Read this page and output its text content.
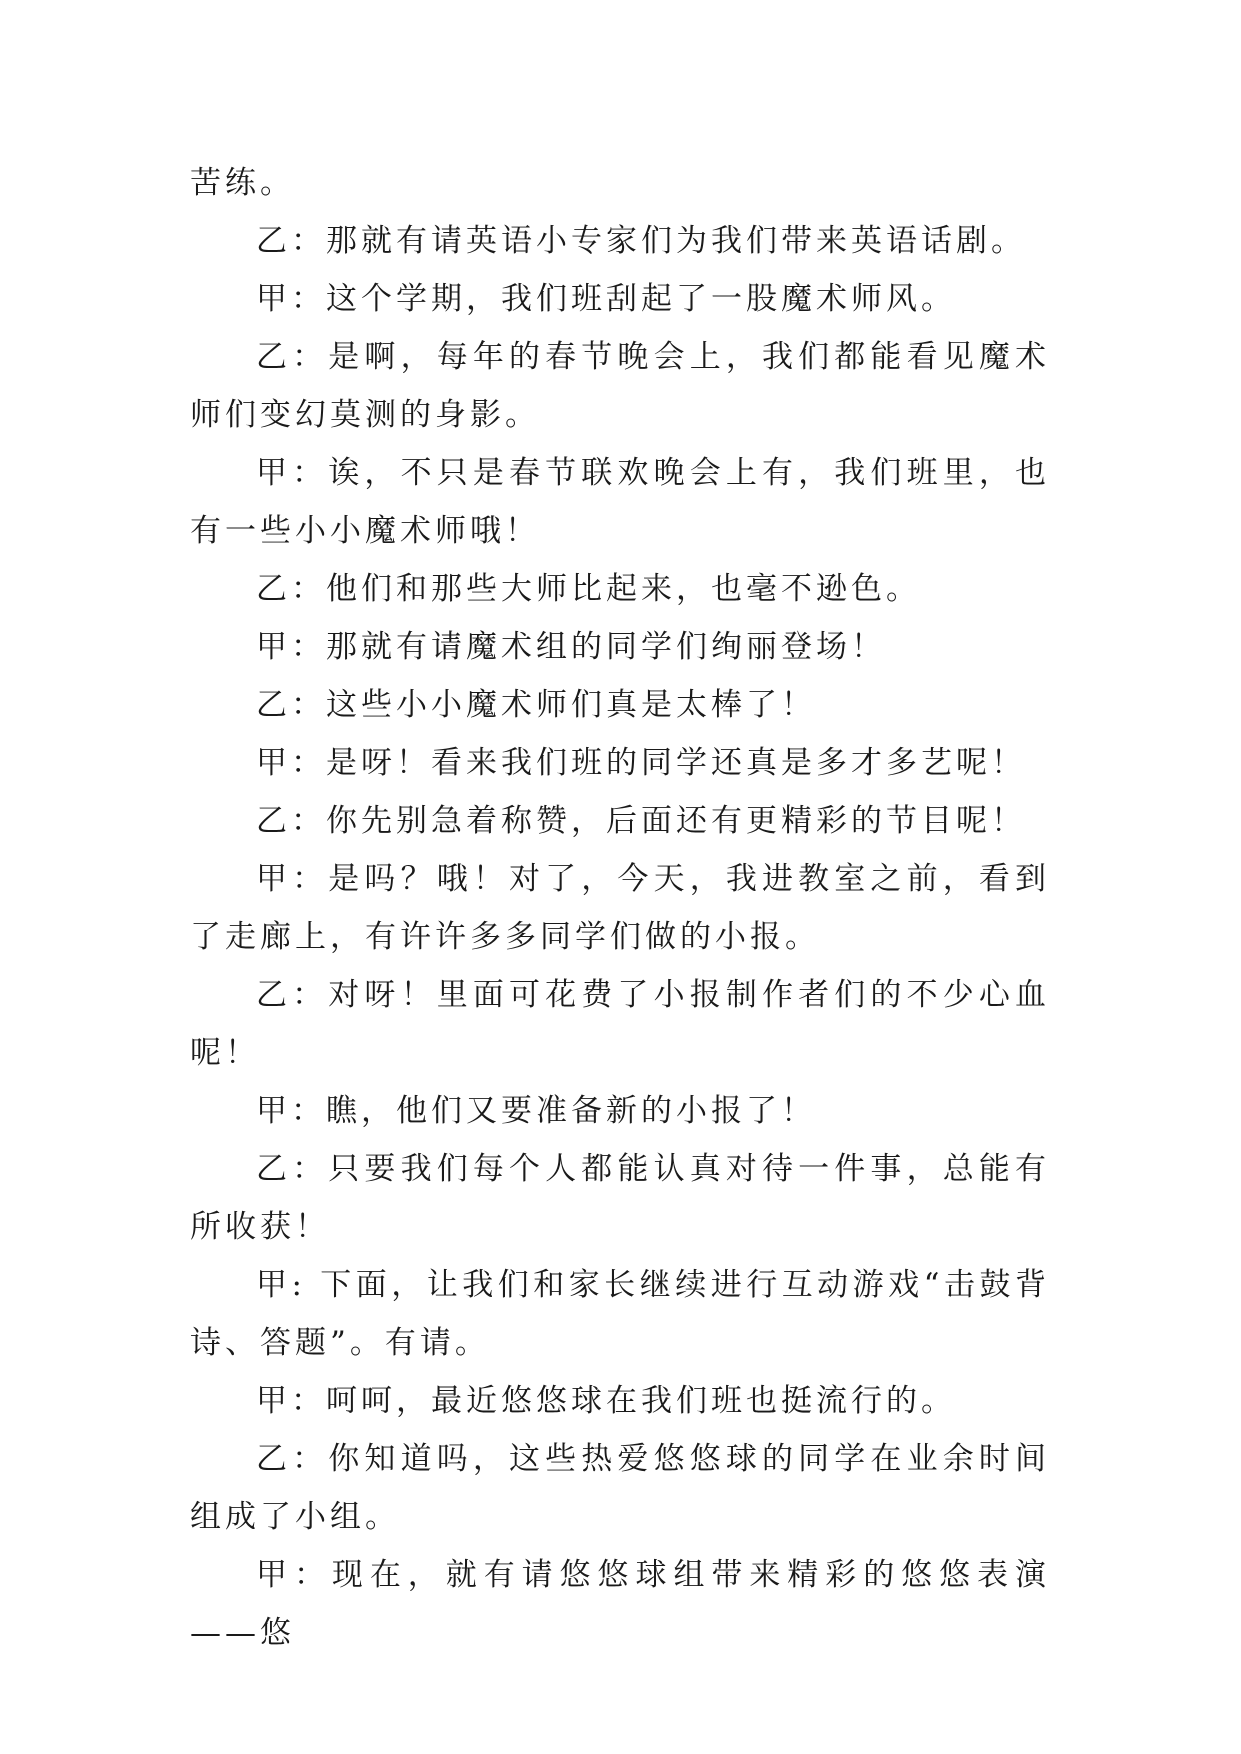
苦练。

乙：那就有请英语小专家们为我们带来英语话剧。

甲：这个学期，我们班刮起了一股魔术师风。

乙：是啊，每年的春节晚会上，我们都能看见魔术师们变幻莫测的身影。

甲：诶，不只是春节联欢晚会上有，我们班里，也有一些小小魔术师哦！

乙：他们和那些大师比起来，也毫不逊色。

甲：那就有请魔术组的同学们绚丽登场！

乙：这些小小魔术师们真是太棒了！

甲：是呀！看来我们班的同学还真是多才多艺呢！

乙：你先别急着称赞，后面还有更精彩的节目呢！

甲：是吗？哦！对了，今天，我进教室之前，看到了走廊上，有许许多多同学们做的小报。

乙：对呀！里面可花费了小报制作者们的不少心血呢！

甲：瞧，他们又要准备新的小报了！

乙：只要我们每个人都能认真对待一件事，总能有所收获！

甲: 下面，让我们和家长继续进行互动游戏“击鼓背诗、答题”。有请。

甲：呵呵，最近悠悠球在我们班也挺流行的。

乙：你知道吗，这些热爱悠悠球的同学在业余时间组成了小组。

甲：现在，就有请悠悠球组带来精彩的悠悠表演——悠
